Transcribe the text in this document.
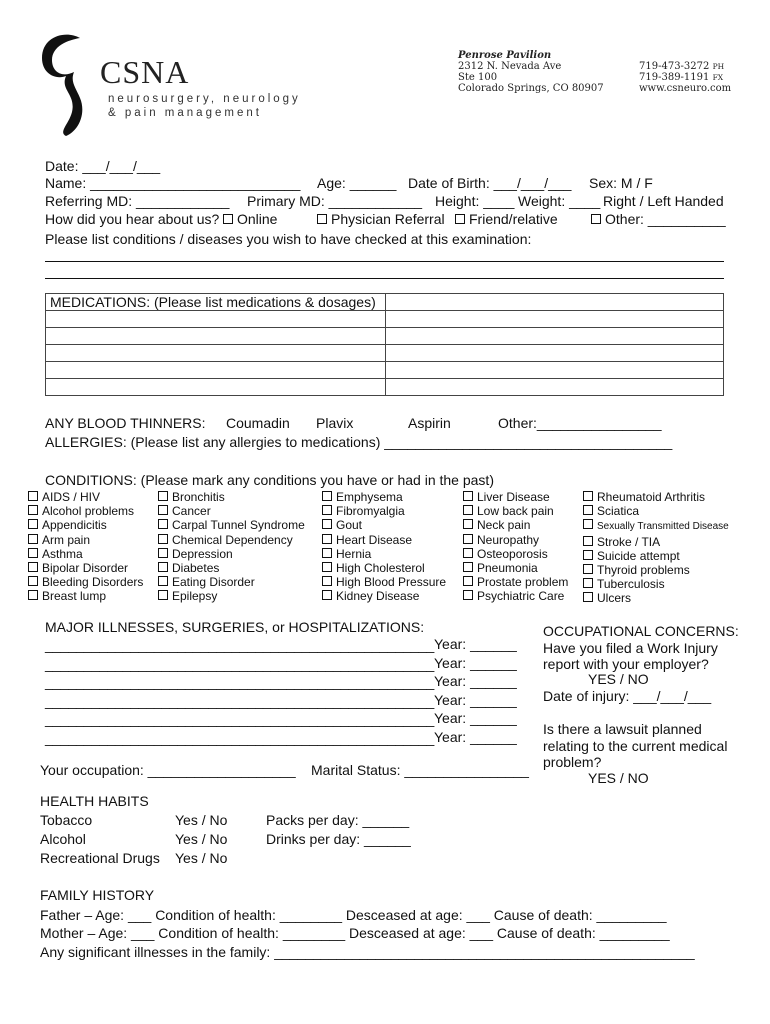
CSNA
neurosurgery, neurology
& pain management
Penrose Pavilion
2312 N. Nevada Ave
Ste 100
Colorado Springs, CO 80907
719-473-3272 PH
719-389-1191 FX
www.csneuro.com
Date: ___/___/___
Name: ___________________________ Age: ______ Date of Birth: ___/___/___ Sex: M / F
Referring MD: ____________ Primary MD: ____________ Height: ____ Weight: ____ Right / Left Handed
How did you hear about us?	Online	Physician Referral	Friend/relative	Other: __________
Please list conditions / diseases you wish to have checked at this examination:
MEDICATIONS: (Please list medications & dosages)	

ANY BLOOD THINNERS: Coumadin Plavix	Aspirin	Other:________________
ALLERGIES: (Please list any allergies to medications) _____________________________________
CONDITIONS: (Please mark any conditions you have or had in the past)
AIDS / HIV
Alcohol problems
Appendicitis
Arm pain
Asthma
Bipolar Disorder
Bleeding Disorders
Breast lump
Bronchitis
Cancer
Carpal Tunnel Syndrome
Chemical Dependency
Depression
Diabetes
Eating Disorder
Epilepsy
Emphysema
Fibromyalgia
Gout
Heart Disease
Hernia
High Cholesterol
High Blood Pressure
Kidney Disease
Liver Disease
Low back pain
Neck pain
Neuropathy
Osteoporosis
Pneumonia
Prostate problem
Psychiatric Care
Rheumatoid Arthritis
Sciatica
Sexually Transmitted Disease
Stroke / TIA
Suicide attempt
Thyroid problems
Tuberculosis
Ulcers
MAJOR ILLNESSES, SURGERIES, or HOSPITALIZATIONS:
Year: ______
__________________________________________________
__________________________________________________ Year: ______
__________________________________________________ Year: ______
__________________________________________________ Year: ______
__________________________________________________ Year: ______
__________________________________________________ Year: ______
OCCUPATIONAL CONCERNS:
Have you filed a Work Injury
report with your employer?
YES / NO
Date of injury: ___/___/___
Is there a lawsuit planned
relating to the current medical
problem?
YES / NO
Your occupation: ___________________ Marital Status: ________________
HEALTH HABITS
Tobacco	Yes / No	Packs per day: ______
Alcohol	Yes / No	Drinks per day: ______
Recreational Drugs Yes / No
FAMILY HISTORY
Father – Age: ___ Condition of health: ________ Desceased at age: ___ Cause of death: _________
Mother – Age: ___ Condition of health: ________ Desceased at age: ___ Cause of death: _________
Any significant illnesses in the family: ______________________________________________________
